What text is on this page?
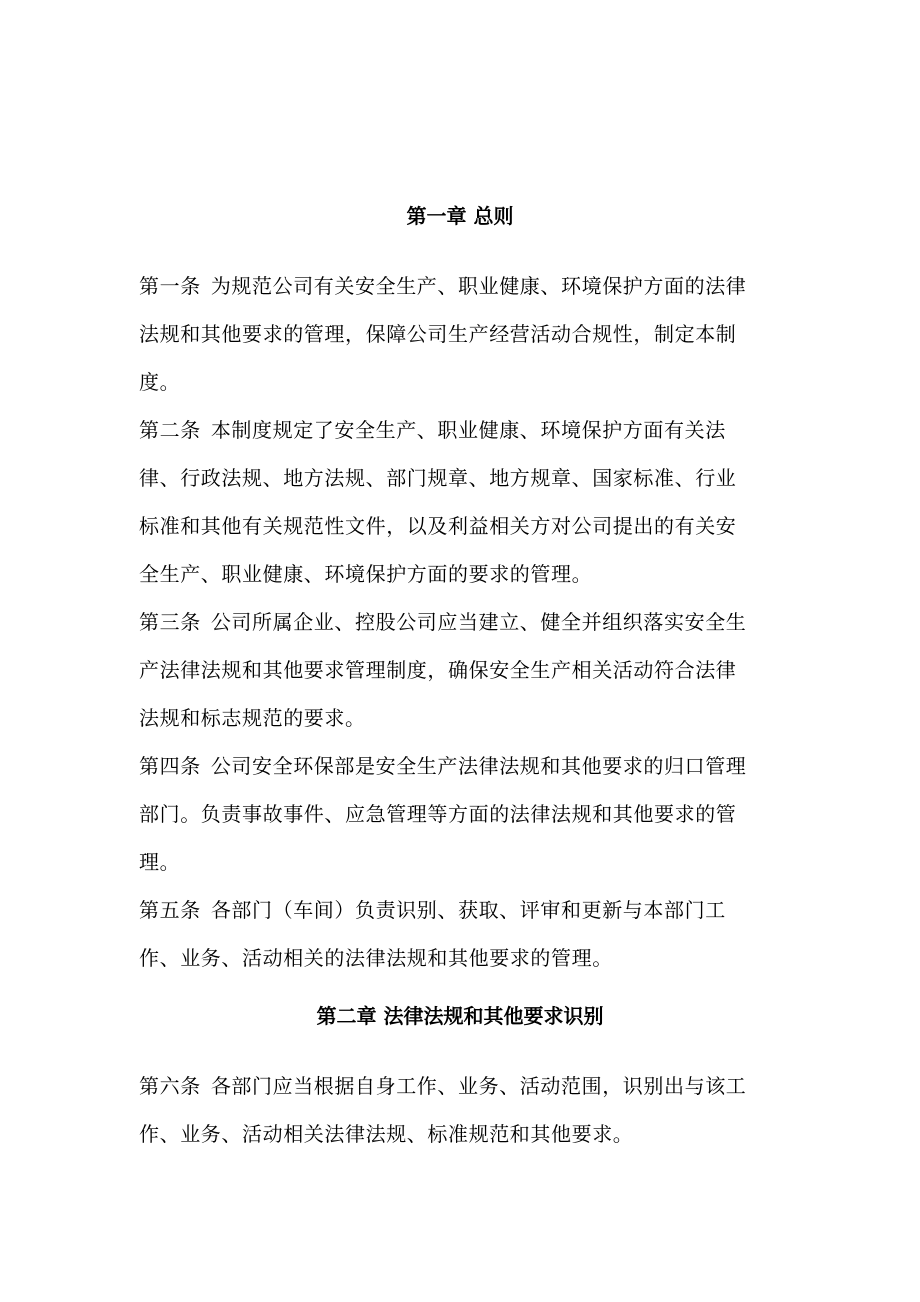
第一章 总则

第一条 为规范公司有关安全生产、职业健康、环境保护方面的法律
法规和其他要求的管理，保障公司生产经营活动合规性，制定本制
度。

第二条 本制度规定了安全生产、职业健康、环境保护方面有关法
律、行政法规、地方法规、部门规章、地方规章、国家标准、行业
标准和其他有关规范性文件，以及利益相关方对公司提出的有关安
全生产、职业健康、环境保护方面的要求的管理。

第三条 公司所属企业、控股公司应当建立、健全并组织落实安全生
产法律法规和其他要求管理制度，确保安全生产相关活动符合法律
法规和标志规范的要求。

第四条 公司安全环保部是安全生产法律法规和其他要求的归口管理
部门。负责事故事件、应急管理等方面的法律法规和其他要求的管
理。

第五条 各部门（车间）负责识别、获取、评审和更新与本部门工
作、业务、活动相关的法律法规和其他要求的管理。

第二章 法律法规和其他要求识别

第六条 各部门应当根据自身工作、业务、活动范围，识别出与该工
作、业务、活动相关法律法规、标准规范和其他要求。
